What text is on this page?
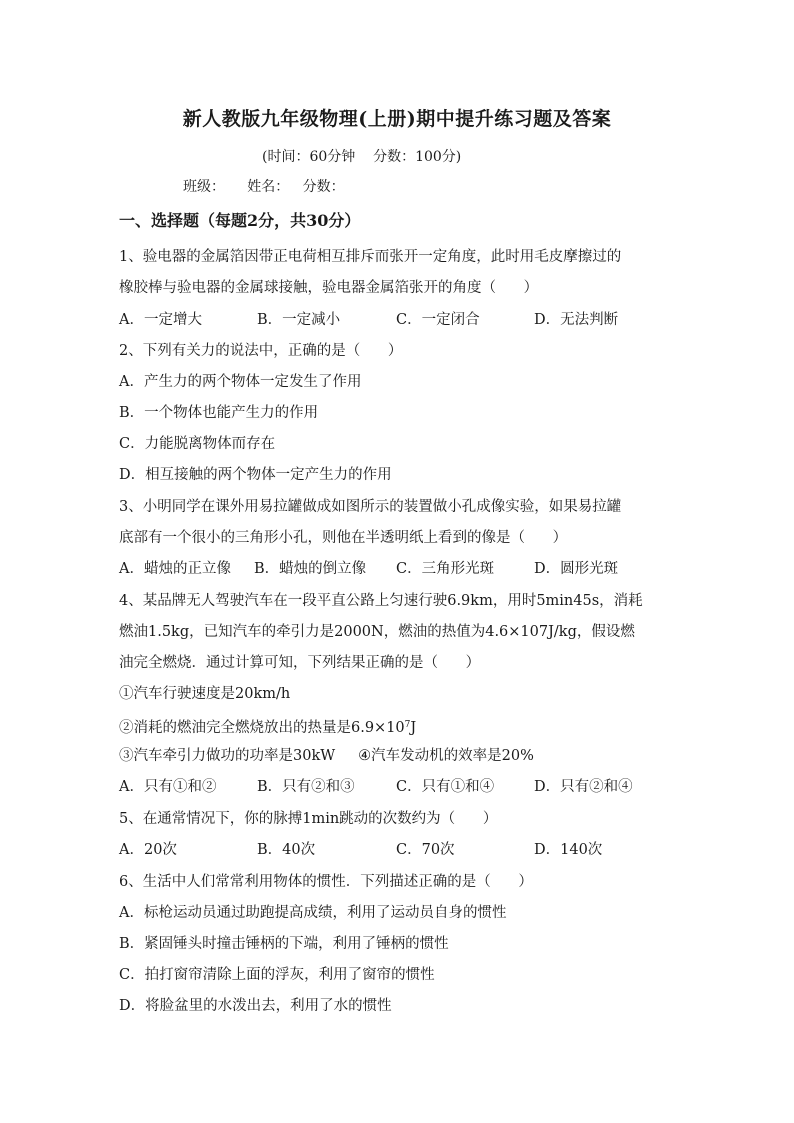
新人教版九年级物理(上册)期中提升练习题及答案
(时间：60分钟    分数：100分)
班级：     姓名：   分数：
一、选择题（每题2分，共30分）
1、验电器的金属箔因带正电荷相互排斥而张开一定角度，此时用毛皮摩擦过的
橡胶棒与验电器的金属球接触，验电器金属箔张开的角度（      ）
A．一定增大	B．一定减小	C．一定闭合	D．无法判断
2、下列有关力的说法中，正确的是（      ）
A．产生力的两个物体一定发生了作用
B．一个物体也能产生力的作用
C．力能脱离物体而存在
D．相互接触的两个物体一定产生力的作用
3、小明同学在课外用易拉罐做成如图所示的装置做小孔成像实验，如果易拉罐
底部有一个很小的三角形小孔，则他在半透明纸上看到的像是（      ）
A．蜡烛的正立像 B．蜡烛的倒立像 C．三角形光斑	D．圆形光斑
4、某品牌无人驾驶汽车在一段平直公路上匀速行驶6.9km，用时5min45s，消耗
燃油1.5kg，已知汽车的牵引力是2000N，燃油的热值为4.6×107J/kg，假设燃
油完全燃烧．通过计算可知，下列结果正确的是（      ）
①汽车行驶速度是20km/h
②消耗的燃油完全燃烧放出的热量是$6.9\times 10^7J$
③汽车牵引力做功的功率是30kW     ④汽车发动机的效率是20%
A．只有①和②	B．只有②和③	C．只有①和④	D．只有②和④
5、在通常情况下，你的脉搏1min跳动的次数约为（      ）
A．20次	B．40次	C．70次	D．140次
6、生活中人们常常利用物体的惯性．下列描述正确的是（      ）
A．标枪运动员通过助跑提高成绩，利用了运动员自身的惯性
B．紧固锤头时撞击锤柄的下端，利用了锤柄的惯性
C．拍打窗帘清除上面的浮灰，利用了窗帘的惯性
D．将脸盆里的水泼出去，利用了水的惯性
